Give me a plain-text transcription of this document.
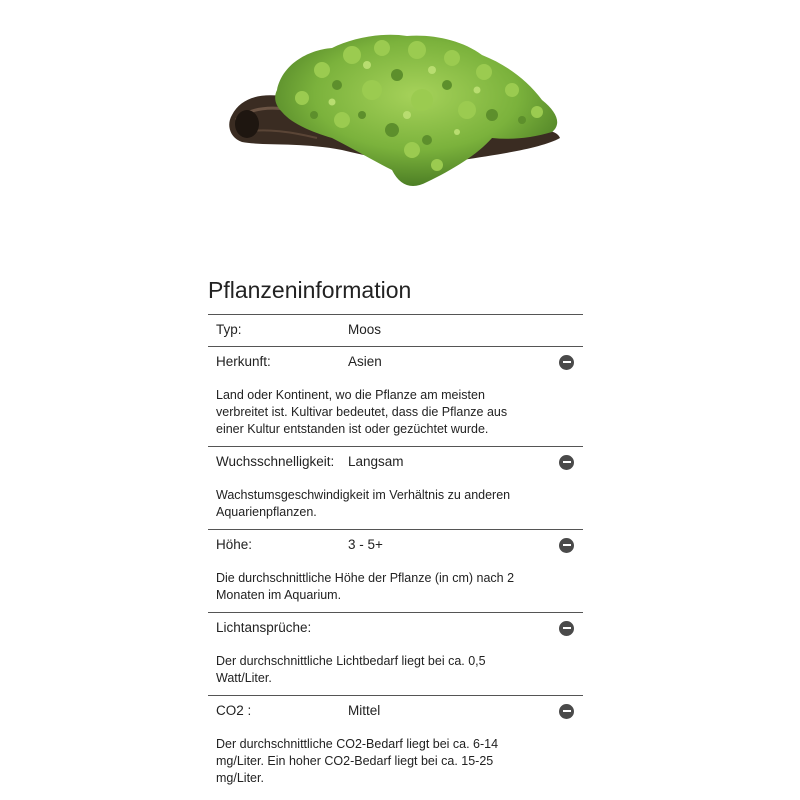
Pflanzeninformation
Typ:	Moos
Herkunft:	Asien
Land oder Kontinent, wo die Pflanze am meisten verbreitet ist. Kultivar bedeutet, dass die Pflanze aus einer Kultur entstanden ist oder gezüchtet wurde.
Wuchsschnelligkeit:	Langsam
Wachstumsgeschwindigkeit im Verhältnis zu anderen Aquarienpflanzen.
Höhe:	3 - 5+
Die durchschnittliche Höhe der Pflanze (in cm) nach 2 Monaten im Aquarium.
Lichtansprüche:
Der durchschnittliche Lichtbedarf liegt bei ca. 0,5 Watt/Liter.
CO2 :	Mittel
Der durchschnittliche CO2-Bedarf liegt bei ca. 6-14 mg/Liter. Ein hoher CO2-Bedarf liegt bei ca. 15-25 mg/Liter.
